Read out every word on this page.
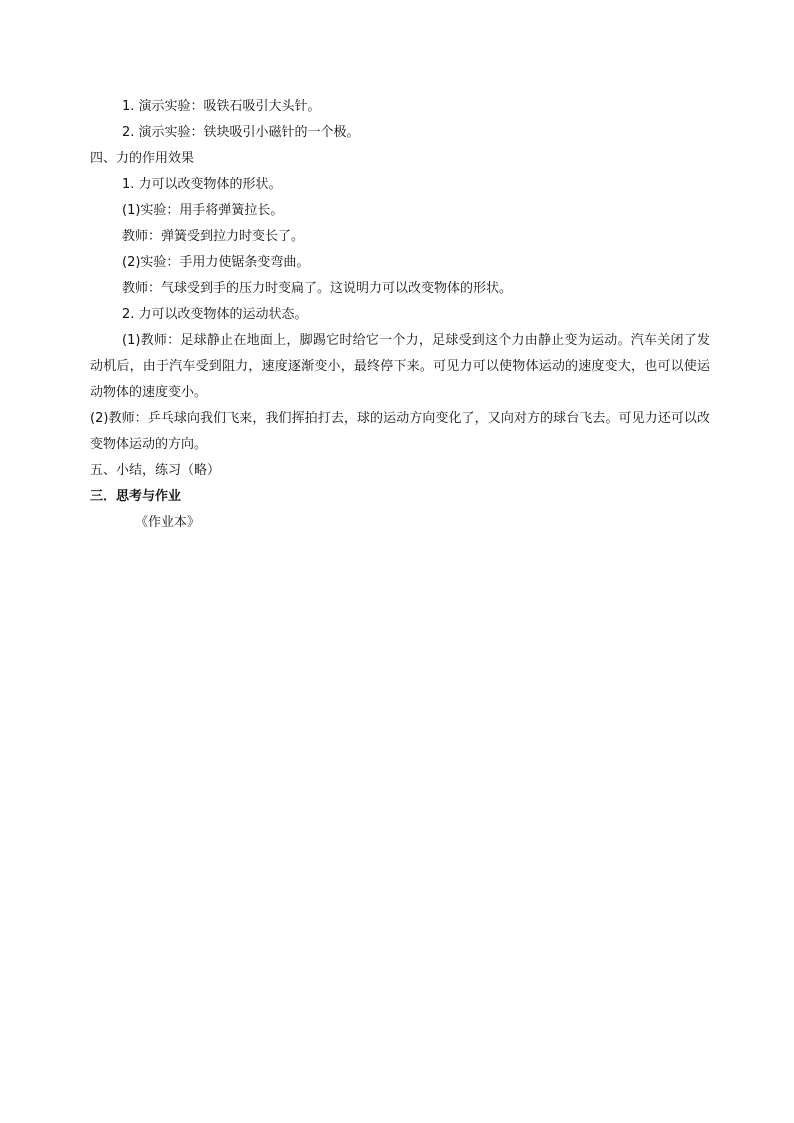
1. 演示实验：吸铁石吸引大头针。
2. 演示实验：铁块吸引小磁针的一个极。
四、力的作用效果
1. 力可以改变物体的形状。
(1)实验：用手将弹簧拉长。
教师：弹簧受到拉力时变长了。
(2)实验：手用力使锯条变弯曲。
教师：气球受到手的压力时变扁了。这说明力可以改变物体的形状。
2. 力可以改变物体的运动状态。
(1)教师：足球静止在地面上，脚踢它时给它一个力，足球受到这个力由静止变为运动。汽车关闭了发动机后，由于汽车受到阻力，速度逐渐变小，最终停下来。可见力可以使物体运动的速度变大，也可以使运动物体的速度变小。
(2)教师：乒乓球向我们飞来，我们挥拍打去，球的运动方向变化了，又向对方的球台飞去。可见力还可以改变物体运动的方向。
五、小结，练习（略）
三．思考与作业
《作业本》
